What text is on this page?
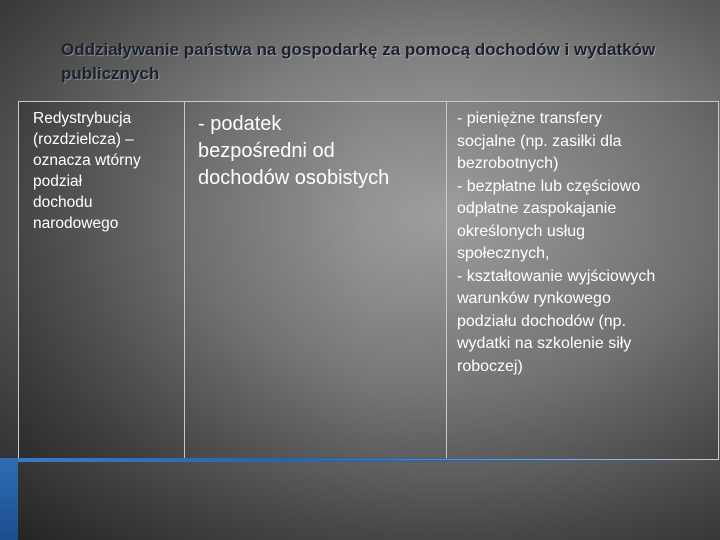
Oddziaływanie państwa na gospodarkę za pomocą dochodów i wydatków publicznych
Redystrybucja
(rozdzielcza) –
oznacza wtórny
podział
dochodu
narodowego
- podatek
bezpośredni od
dochodów osobistych
- pieniężne transfery
socjalne (np. zasiłki dla
bezrobotnych)
- bezpłatne lub częściowo
odpłatne zaspokajanie
określonych usług
społecznych,
- kształtowanie wyjściowych
warunków rynkowego
podziału dochodów (np.
wydatki na szkolenie siły
roboczej)
